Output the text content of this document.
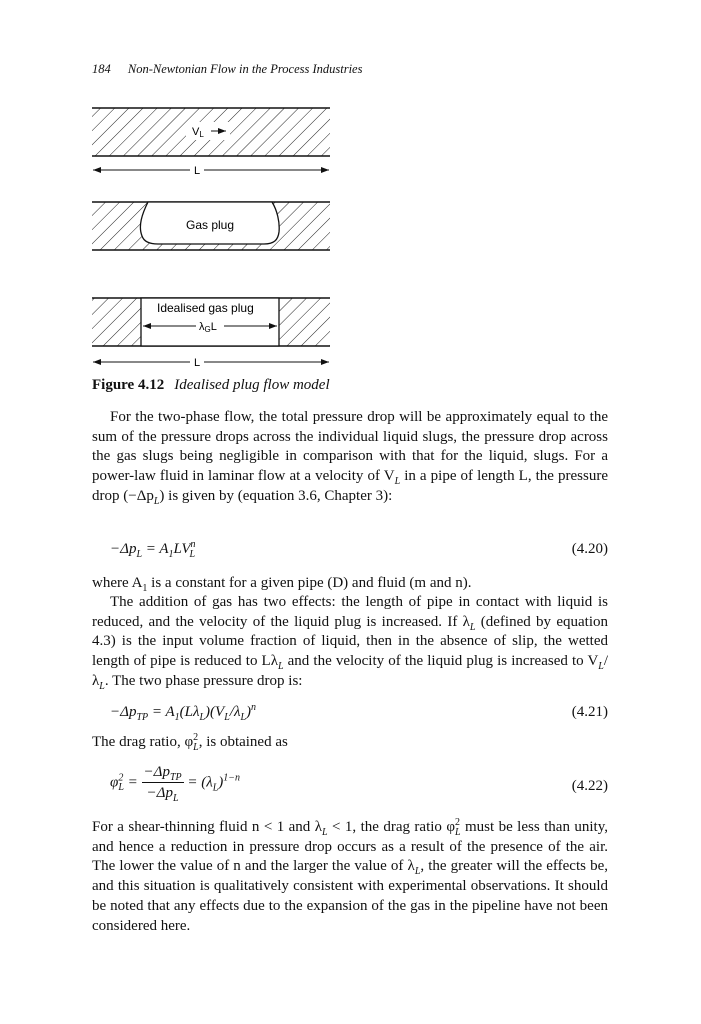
184 Non-Newtonian Flow in the Process Industries
VL
L
Gas plug
Idealised gas plug
λGL
L
Figure 4.12 Idealised plug flow model

For the two-phase flow, the total pressure drop will be approximately equal to the sum of the pressure drops across the individual liquid slugs, the pressure drop across the gas slugs being negligible in comparison with that for the liquid, slugs. For a power-law fluid in laminar flow at a velocity of $V_L$ in a pipe of length L, the pressure drop $(-\Delta p_L)$ is given by (equation 3.6, Chapter 3):

$-\Delta p_L = A_1LV^n_L$	(4.20)

where $A_1$ is a constant for a given pipe (D) and fluid (m and n).

The addition of gas has two effects: the length of pipe in contact with liquid is reduced, and the velocity of the liquid plug is increased. If $\lambda_L$ (defined by equation 4.3) is the input volume fraction of liquid, then in the absence of slip, the wetted length of pipe is reduced to $L\lambda_L$ and the velocity of the liquid plug is increased to $V_L/\lambda_L$. The two phase pressure drop is:

$-\Delta p_{TP} = A_1(L\lambda_L)(V_L/\lambda_L)^n$	(4.21)

The drag ratio, $\varphi^2_L$, is obtained as

$\varphi^2_L = \frac{-\Delta p_{TP}}{-\Delta p_L} = (\lambda_L)^{1-n}$
(4.22)

For a shear-thinning fluid n < 1 and $\lambda_L < 1$, the drag ratio $\varphi^2_L$ must be less than unity, and hence a reduction in pressure drop occurs as a result of the presence of the air. The lower the value of n and the larger the value of $\lambda_L$, the greater will the effects be, and this situation is qualitatively consistent with experimental observations. It should be noted that any effects due to the expansion of the gas in the pipeline have not been considered here.
